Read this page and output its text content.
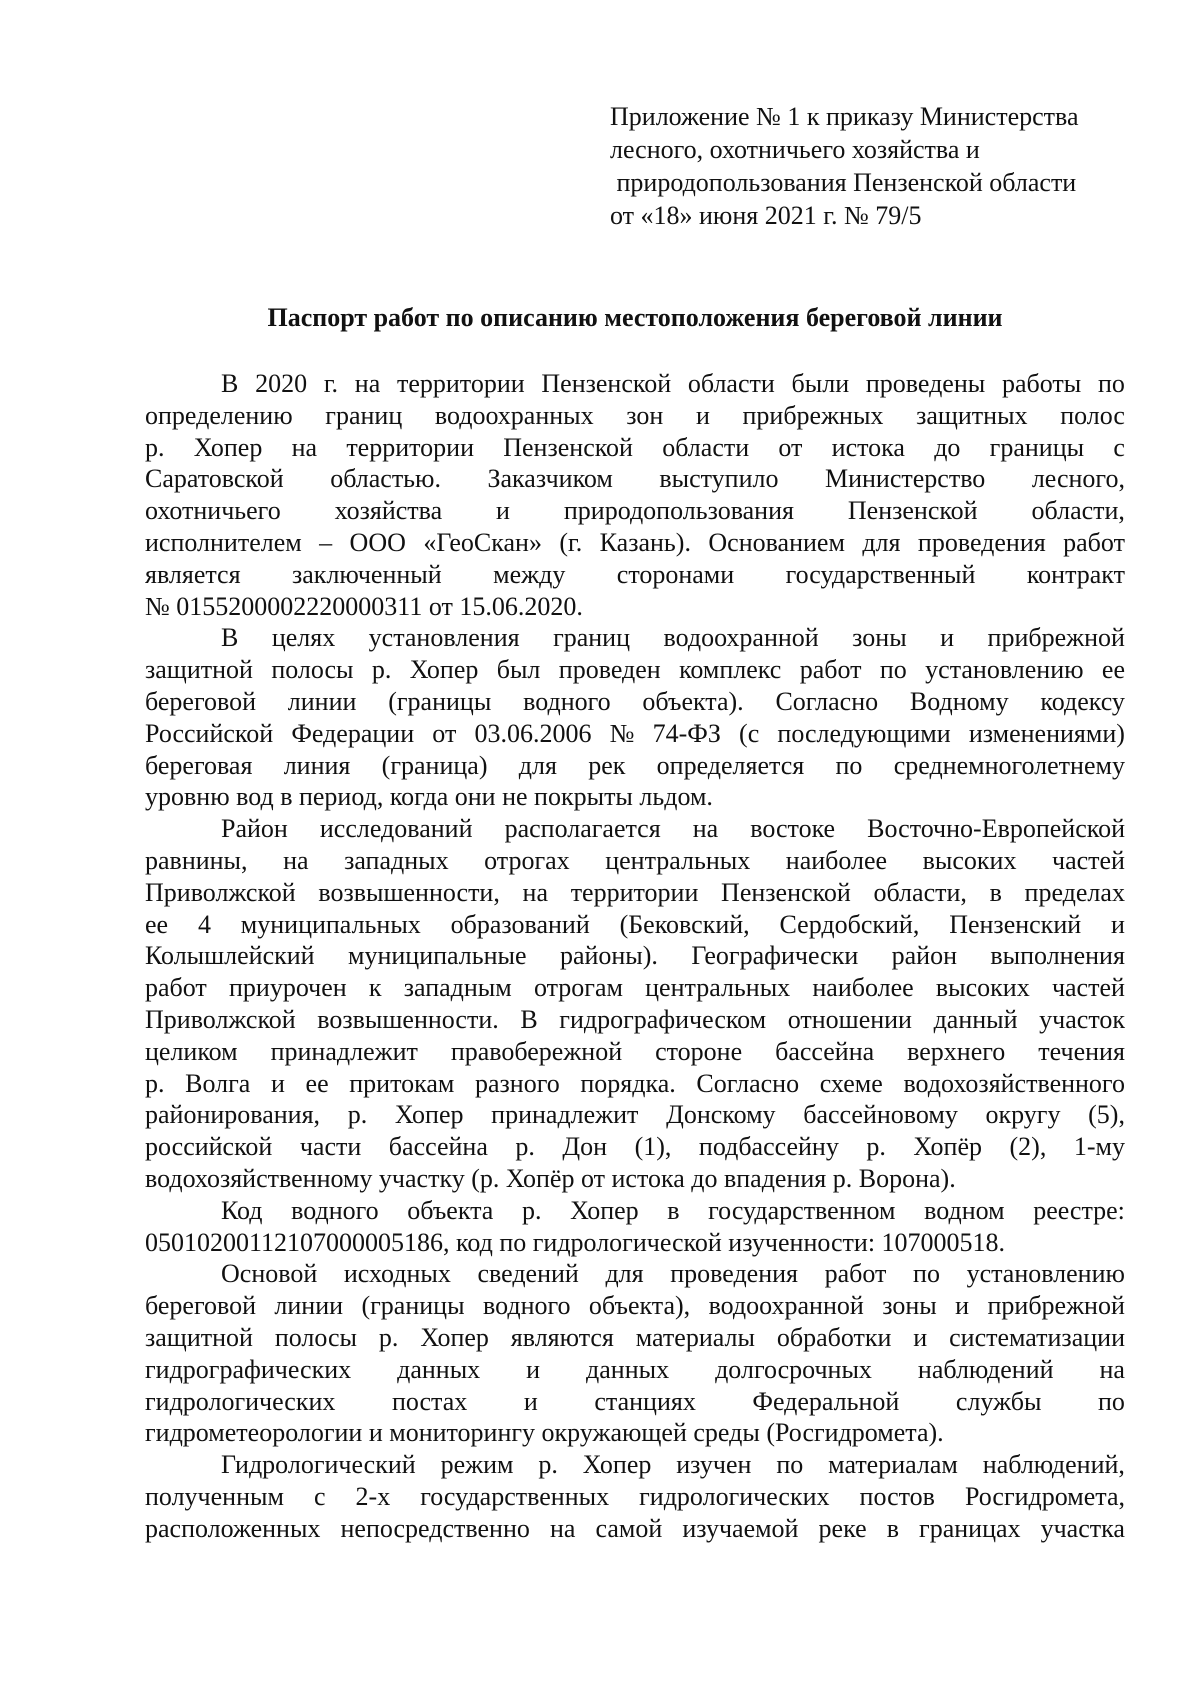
Приложение № 1 к приказу Министерства
лесного, охотничьего хозяйства и
природопользования Пензенской области
от «18» июня 2021 г. № 79/5
Паспорт работ по описанию местоположения береговой линии
В 2020 г. на территории Пензенской области были проведены работы по
определению границ водоохранных зон и прибрежных защитных полос
р. Хопер на территории Пензенской области от истока до границы с
Саратовской областью. Заказчиком выступило Министерство лесного,
охотничьего хозяйства и природопользования Пензенской области,
исполнителем – ООО «ГеоСкан» (г. Казань). Основанием для проведения работ
является заключенный между сторонами государственный контракт
№ 0155200002220000311 от 15.06.2020.
В целях установления границ водоохранной зоны и прибрежной
защитной полосы р. Хопер был проведен комплекс работ по установлению ее
береговой линии (границы водного объекта). Согласно Водному кодексу
Российской Федерации от 03.06.2006 № 74-ФЗ (с последующими изменениями)
береговая линия (граница) для рек определяется по среднемноголетнему
уровню вод в период, когда они не покрыты льдом.
Район исследований располагается на востоке Восточно-Европейской
равнины, на западных отрогах центральных наиболее высоких частей
Приволжской возвышенности, на территории Пензенской области, в пределах
ее 4 муниципальных образований (Бековский, Сердобский, Пензенский и
Колышлейский муниципальные районы). Географически район выполнения
работ приурочен к западным отрогам центральных наиболее высоких частей
Приволжской возвышенности. В гидрографическом отношении данный участок
целиком принадлежит правобережной стороне бассейна верхнего течения
р. Волга и ее притокам разного порядка. Согласно схеме водохозяйственного
районирования, р. Хопер принадлежит Донскому бассейновому округу (5),
российской части бассейна р. Дон (1), подбассейну р. Хопёр (2), 1-му
водохозяйственному участку (р. Хопёр от истока до впадения р. Ворона).
Код водного объекта р. Хопер в государственном водном реестре:
05010200112107000005186, код по гидрологической изученности: 107000518.
Основой исходных сведений для проведения работ по установлению
береговой линии (границы водного объекта), водоохранной зоны и прибрежной
защитной полосы р. Хопер являются материалы обработки и систематизации
гидрографических данных и данных долгосрочных наблюдений на
гидрологических постах и станциях Федеральной службы по
гидрометеорологии и мониторингу окружающей среды (Росгидромета).
Гидрологический режим р. Хопер изучен по материалам наблюдений,
полученным с 2-х государственных гидрологических постов Росгидромета,
расположенных непосредственно на самой изучаемой реке в границах участка
